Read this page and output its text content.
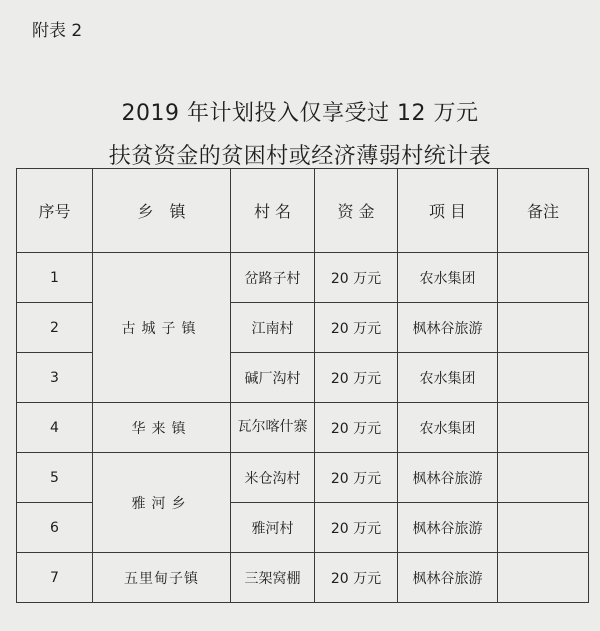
附表 2
2019 年计划投入仅享受过 12 万元
扶贫资金的贫困村或经济薄弱村统计表
序号	乡　镇	村 名	资 金	项 目	备注
1	古城子镇	岔路子村	20 万元	农水集团	
2		江南村	20 万元	枫林谷旅游	
3		碱厂沟村	20 万元	农水集团	
4	华来镇	瓦尔喀什寨	20 万元	农水集团	
5	雅河乡	米仓沟村	20 万元	枫林谷旅游	
6		雅河村	20 万元	枫林谷旅游	
7	五里甸子镇	三架窝棚	20 万元	枫林谷旅游	
